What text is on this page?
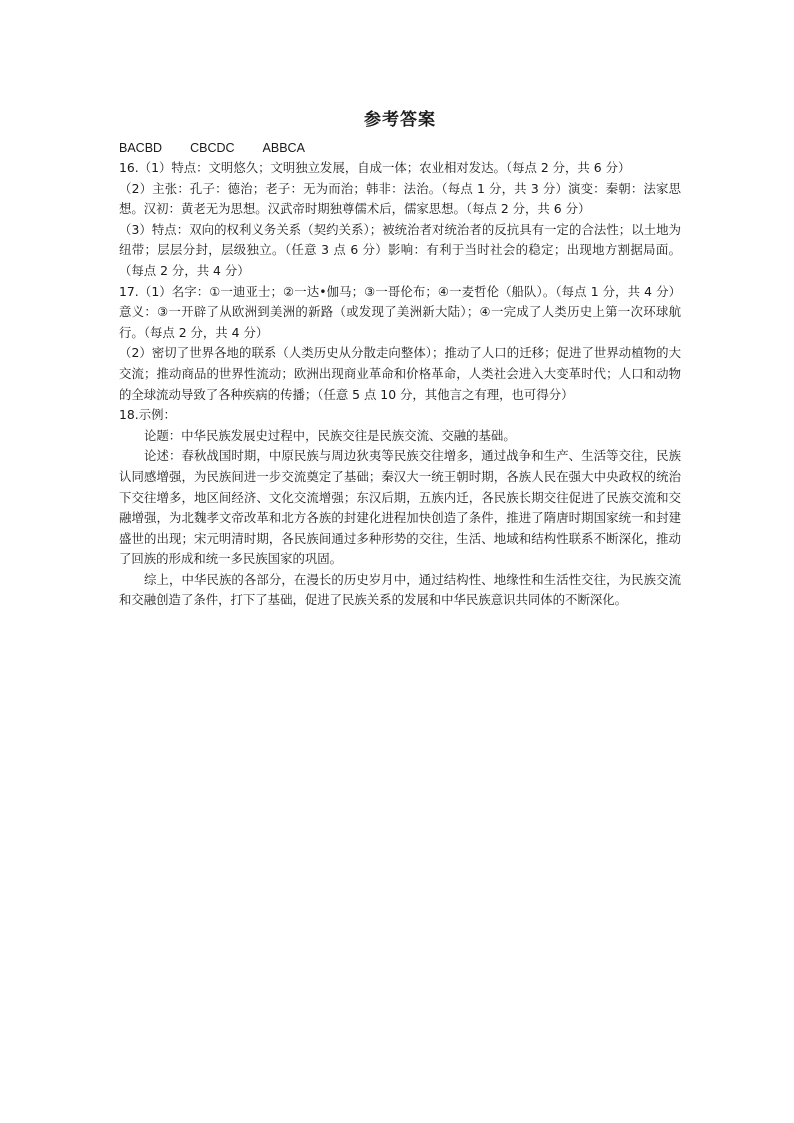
参考答案
BACBD CBCDC ABBCA

16.（1）特点：文明悠久；文明独立发展，自成一体；农业相对发达。（每点 2 分，共 6 分）

（2）主张：孔子：德治；老子：无为而治；韩非：法治。（每点 1 分，共 3 分）演变：秦朝：法家思想。汉初：黄老无为思想。汉武帝时期独尊儒术后，儒家思想。（每点 2 分，共 6 分）

（3）特点：双向的权利义务关系（契约关系）；被统治者对统治者的反抗具有一定的合法性；以土地为纽带；层层分封，层级独立。（任意 3 点 6 分）影响：有利于当时社会的稳定；出现地方割据局面。（每点 2 分，共 4 分）

17.（1）名字：①一迪亚士；②一达•伽马；③一哥伦布；④一麦哲伦（船队）。（每点 1 分，共 4 分）意义：③一开辟了从欧洲到美洲的新路（或发现了美洲新大陆）；④一完成了人类历史上第一次环球航行。（每点 2 分，共 4 分）

（2）密切了世界各地的联系（人类历史从分散走向整体）；推动了人口的迁移；促进了世界动植物的大交流；推动商品的世界性流动；欧洲出现商业革命和价格革命，人类社会进入大变革时代；人口和动物的全球流动导致了各种疾病的传播；（任意 5 点 10 分，其他言之有理，也可得分）

18.示例：

论题：中华民族发展史过程中，民族交往是民族交流、交融的基础。

论述：春秋战国时期，中原民族与周边狄夷等民族交往增多，通过战争和生产、生活等交往，民族认同感增强，为民族间进一步交流奠定了基础；秦汉大一统王朝时期，各族人民在强大中央政权的统治下交往增多，地区间经济、文化交流增强；东汉后期，五族内迁，各民族长期交往促进了民族交流和交融增强，为北魏孝文帝改革和北方各族的封建化进程加快创造了条件，推进了隋唐时期国家统一和封建盛世的出现；宋元明清时期，各民族间通过多种形势的交往，生活、地域和结构性联系不断深化，推动了回族的形成和统一多民族国家的巩固。

综上，中华民族的各部分，在漫长的历史岁月中，通过结构性、地缘性和生活性交往，为民族交流和交融创造了条件，打下了基础，促进了民族关系的发展和中华民族意识共同体的不断深化。
